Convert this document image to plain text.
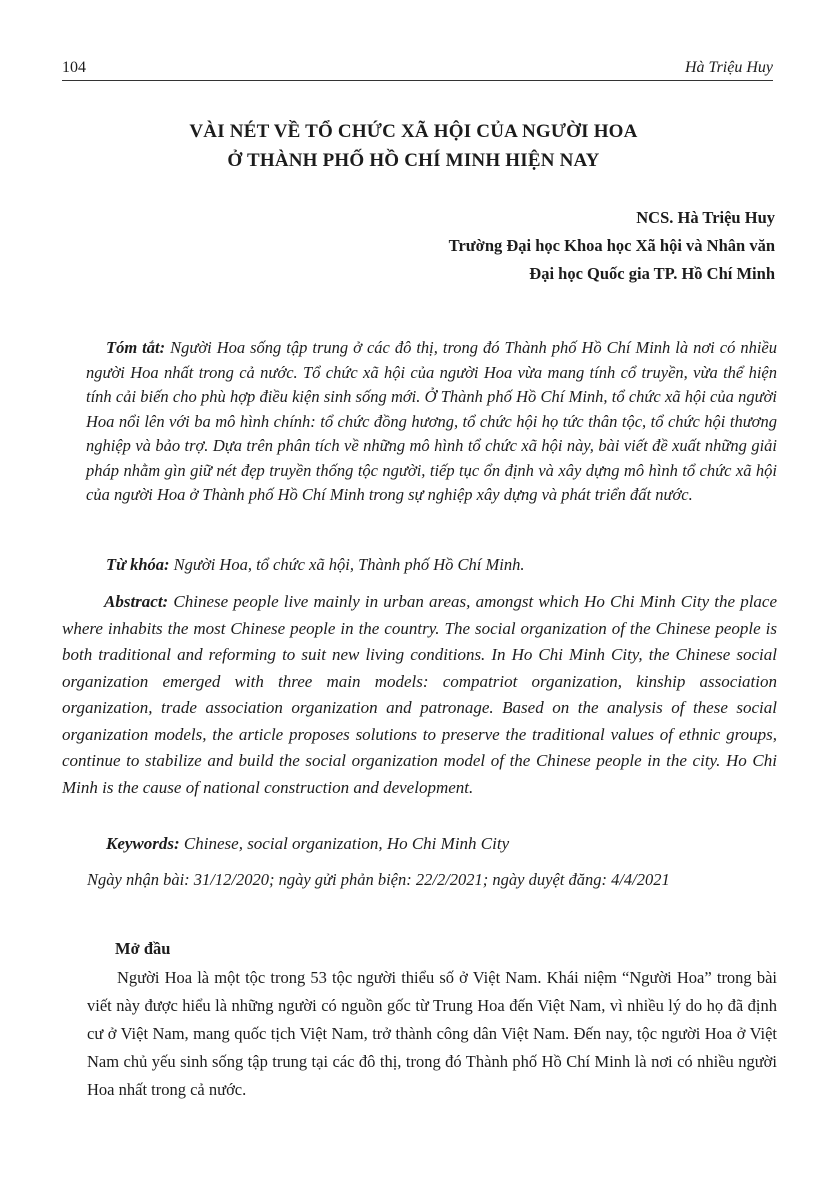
104	Hà Triệu Huy
VÀI NÉT VỀ TỔ CHỨC XÃ HỘI CỦA NGƯỜI HOA
Ở THÀNH PHỐ HỒ CHÍ MINH HIỆN NAY
NCS. Hà Triệu Huy
Trường Đại học Khoa học Xã hội và Nhân văn
Đại học Quốc gia TP. Hồ Chí Minh
Tóm tắt: Người Hoa sống tập trung ở các đô thị, trong đó Thành phố Hồ Chí Minh là nơi có nhiều người Hoa nhất trong cả nước. Tổ chức xã hội của người Hoa vừa mang tính cổ truyền, vừa thể hiện tính cải biến cho phù hợp điều kiện sinh sống mới. Ở Thành phố Hồ Chí Minh, tổ chức xã hội của người Hoa nổi lên với ba mô hình chính: tổ chức đồng hương, tổ chức hội họ tức thân tộc, tổ chức hội thương nghiệp và bảo trợ. Dựa trên phân tích về những mô hình tổ chức xã hội này, bài viết đề xuất những giải pháp nhằm gìn giữ nét đẹp truyền thống tộc người, tiếp tục ổn định và xây dựng mô hình tổ chức xã hội của người Hoa ở Thành phố Hồ Chí Minh trong sự nghiệp xây dựng và phát triển đất nước.
Từ khóa: Người Hoa, tổ chức xã hội, Thành phố Hồ Chí Minh.
Abstract: Chinese people live mainly in urban areas, amongst which Ho Chi Minh City the place where inhabits the most Chinese people in the country. The social organization of the Chinese people is both traditional and reforming to suit new living conditions. In Ho Chi Minh City, the Chinese social organization emerged with three main models: compatriot organization, kinship association organization, trade association organization and patronage. Based on the analysis of these social organization models, the article proposes solutions to preserve the traditional values of ethnic groups, continue to stabilize and build the social organization model of the Chinese people in the city. Ho Chi Minh is the cause of national construction and development.
Keywords: Chinese, social organization, Ho Chi Minh City
Ngày nhận bài: 31/12/2020; ngày gửi phản biện: 22/2/2021; ngày duyệt đăng: 4/4/2021
Mở đầu
Người Hoa là một tộc trong 53 tộc người thiểu số ở Việt Nam. Khái niệm “Người Hoa” trong bài viết này được hiểu là những người có nguồn gốc từ Trung Hoa đến Việt Nam, vì nhiều lý do họ đã định cư ở Việt Nam, mang quốc tịch Việt Nam, trở thành công dân Việt Nam. Đến nay, tộc người Hoa ở Việt Nam chủ yếu sinh sống tập trung tại các đô thị, trong đó Thành phố Hồ Chí Minh là nơi có nhiều người Hoa nhất trong cả nước.
